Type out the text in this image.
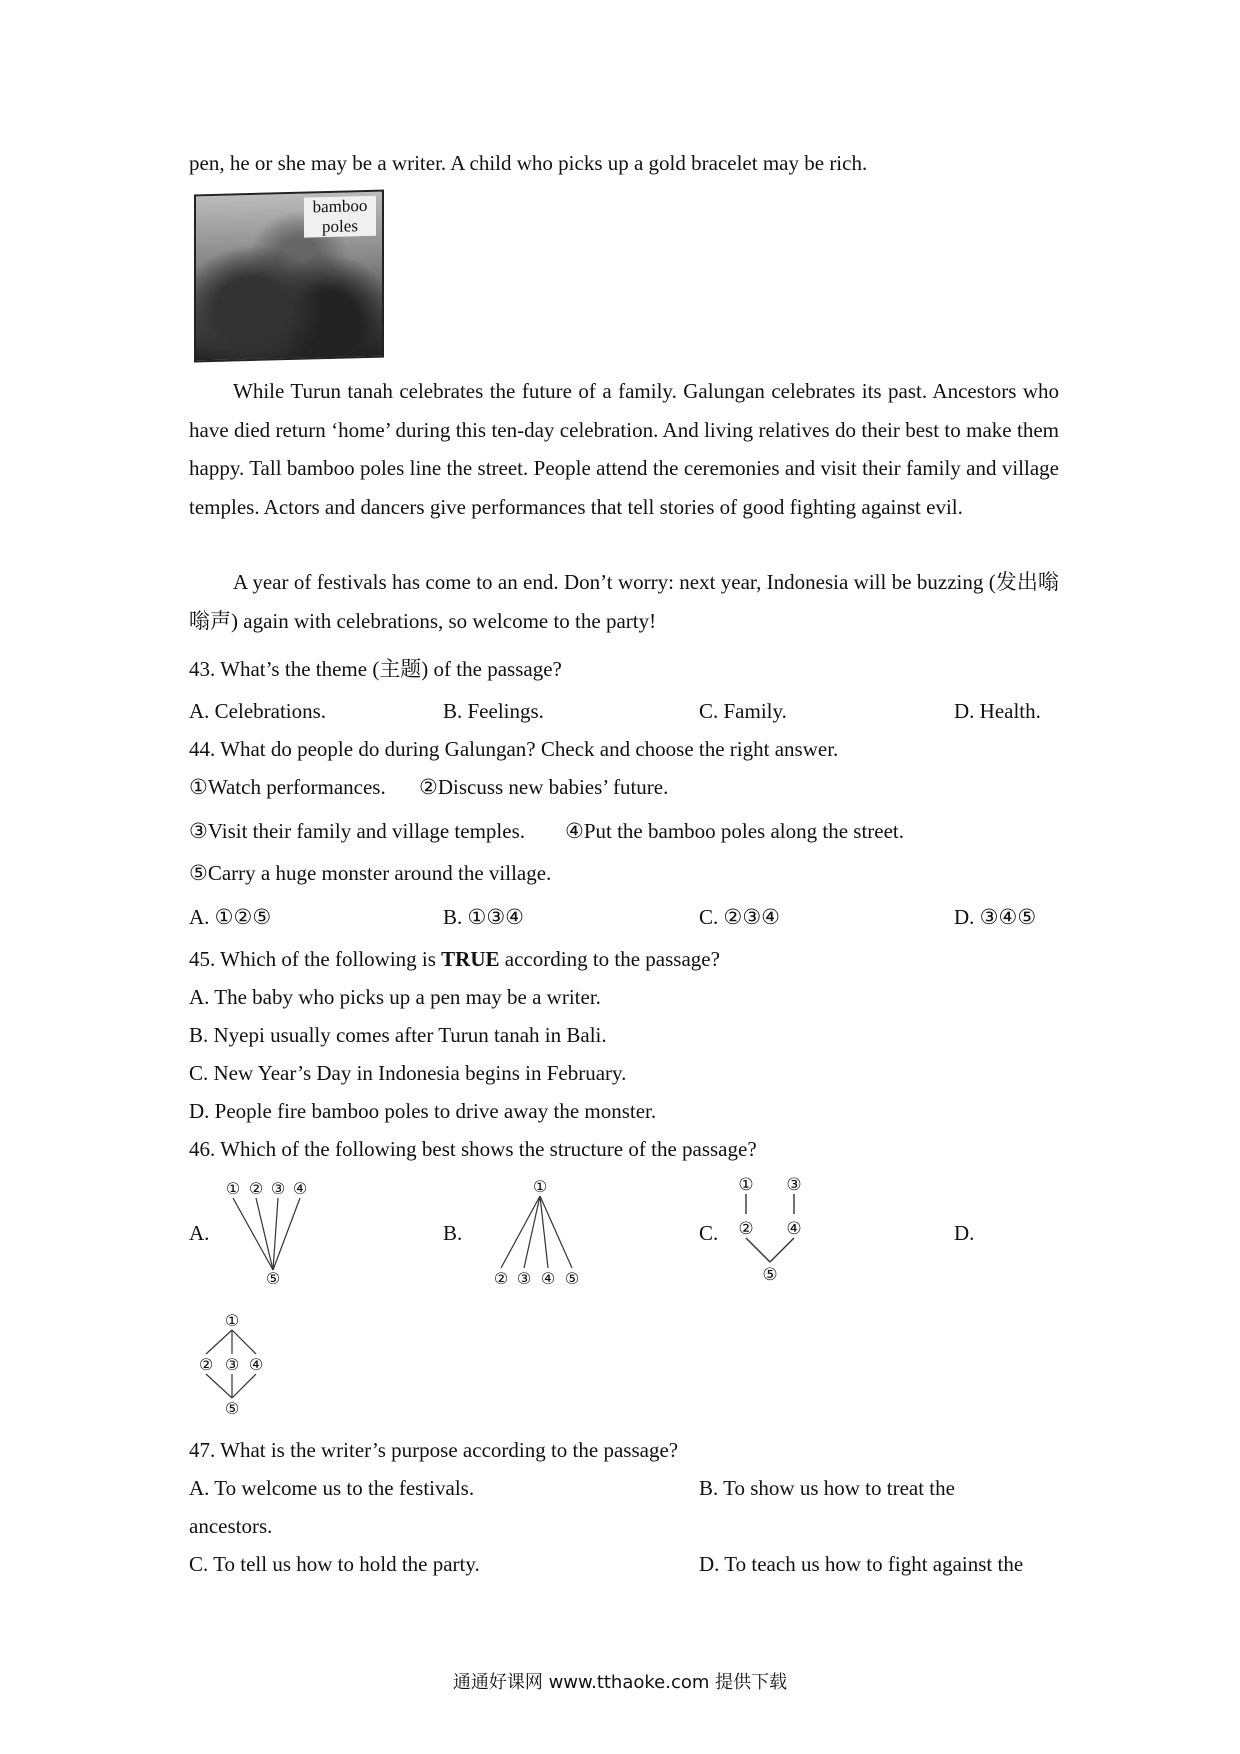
pen, he or she may be a writer. A child who picks up a gold bracelet may be rich.
bamboo poles

While Turun tanah celebrates the future of a family. Galungan celebrates its past. Ancestors who have died return ‘home’ during this ten-day celebration. And living relatives do their best to make them happy. Tall bamboo poles line the street. People attend the ceremonies and visit their family and village temples. Actors and dancers give performances that tell stories of good fighting against evil.

A year of festivals has come to an end. Don’t worry: next year, Indonesia will be buzzing (发出嗡嗡声) again with celebrations, so welcome to the party!

43. What’s the theme (主题) of the passage?
A. Celebrations.	B. Feelings.	C. Family.	D. Health.
44. What do people do during Galungan? Check and choose the right answer.
①Watch performances. ②Discuss new babies’ future.
③Visit their family and village temples. ④Put the bamboo poles along the street.
⑤Carry a huge monster around the village.
A. ①②⑤	B. ①③④	C. ②③④	D. ③④⑤
45. Which of the following is TRUE according to the passage?
A. The baby who picks up a pen may be a writer.
B. Nyepi usually comes after Turun tanah in Bali.
C. New Year’s Day in Indonesia begins in February.
D. People fire bamboo poles to drive away the monster.
46. Which of the following best shows the structure of the passage?
A.	B.	C.	D.
① ② ③ ④
⑤
①
② ③ ④ ⑤
① ③
② ④
⑤
①
② ③ ④
⑤
47. What is the writer’s purpose according to the passage?
A. To welcome us to the festivals.	B. To show us how to treat the
ancestors.
C. To tell us how to hold the party.	D. To teach us how to fight against the
通通好课网 www.tthaoke.com 提供下载
